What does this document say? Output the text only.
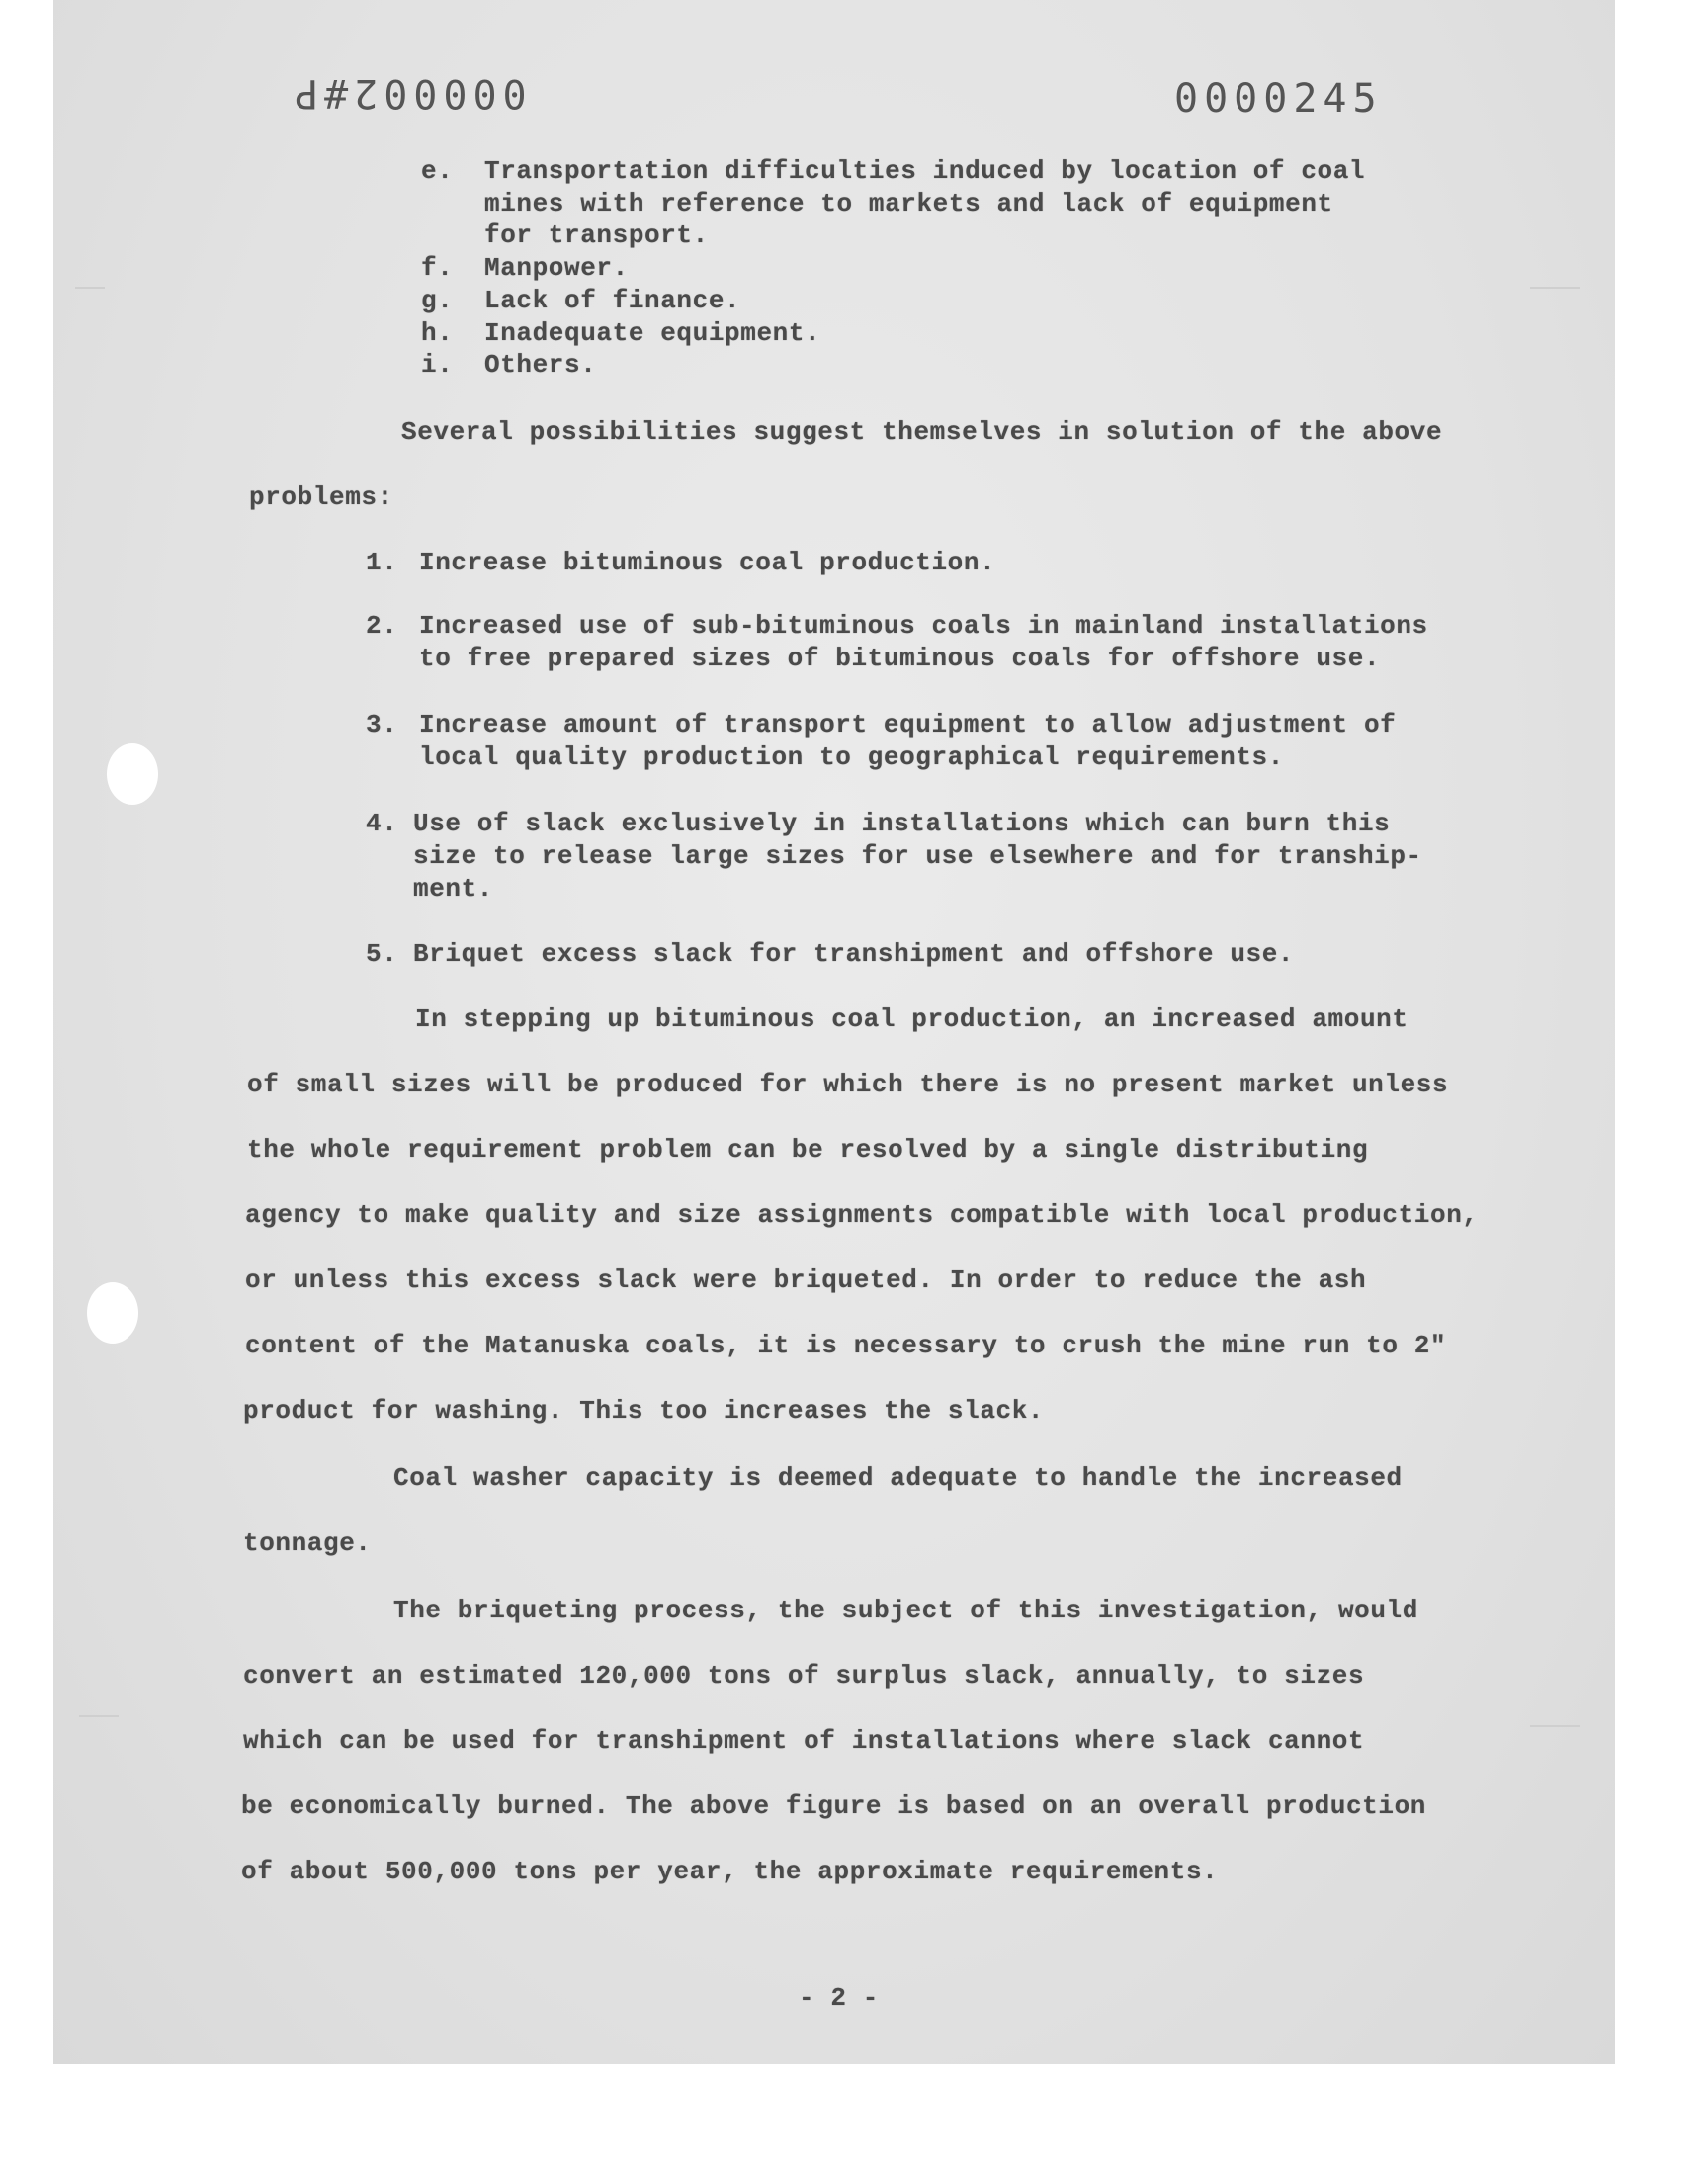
000002#P	0000245
e. Transportation difficulties induced by location of coal
mines with reference to markets and lack of equipment
for transport.
f. Manpower.
g. Lack of finance.
h. Inadequate equipment.
i. Others.
Several possibilities suggest themselves in solution of the above
problems:
1. Increase bituminous coal production.
2. Increased use of sub-bituminous coals in mainland installations
to free prepared sizes of bituminous coals for offshore use.
3. Increase amount of transport equipment to allow adjustment of
local quality production to geographical requirements.
4. Use of slack exclusively in installations which can burn this
size to release large sizes for use elsewhere and for tranship-
ment.
5. Briquet excess slack for transhipment and offshore use.
In stepping up bituminous coal production, an increased amount
of small sizes will be produced for which there is no present market unless
the whole requirement problem can be resolved by a single distributing
agency to make quality and size assignments compatible with local production,
or unless this excess slack were briqueted. In order to reduce the ash
content of the Matanuska coals, it is necessary to crush the mine run to 2"
product for washing. This too increases the slack.
Coal washer capacity is deemed adequate to handle the increased
tonnage.
The briqueting process, the subject of this investigation, would
convert an estimated 120,000 tons of surplus slack, annually, to sizes
which can be used for transhipment of installations where slack cannot
be economically burned. The above figure is based on an overall production
of about 500,000 tons per year, the approximate requirements.
- 2 -
